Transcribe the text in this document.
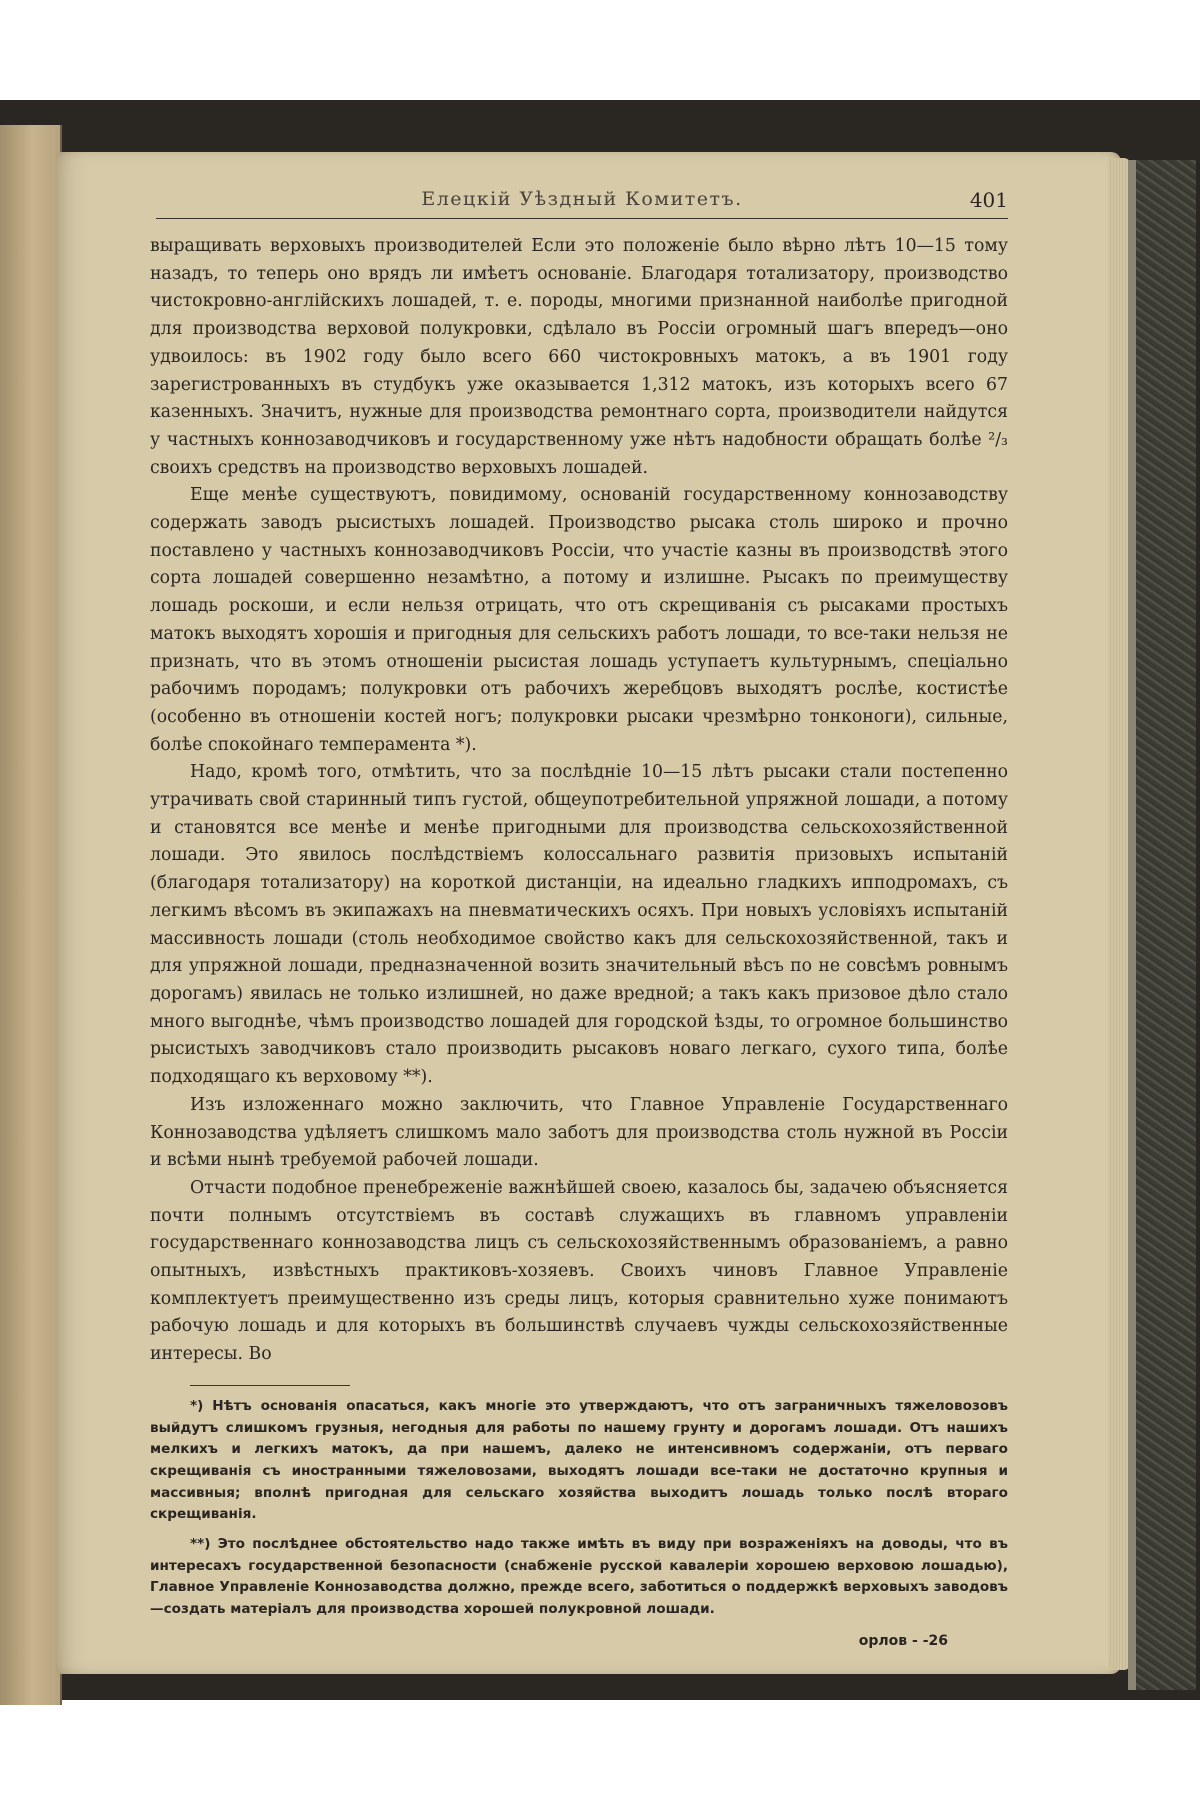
Елецкiй Уѣздный Комитетъ.	401

выращивать верховыхъ производителей Если это положенiе было вѣрно лѣтъ 10—15 тому назадъ, то теперь оно врядъ ли имѣетъ основанiе. Благодаря тотализатору, производство чистокровно-англiйскихъ лошадей, т. е. породы, многими признанной наиболѣе пригодной для производства верховой полукровки, сдѣлало въ Россiи огромный шагъ впередъ—оно удвоилось: въ 1902 году было всего 660 чистокровныхъ матокъ, а въ 1901 году зарегистрованныхъ въ студбукъ уже оказывается 1,312 матокъ, изъ которыхъ всего 67 казенныхъ. Значитъ, нужные для производства ремонтнаго сорта, производители найдутся у частныхъ коннозаводчиковъ и государственному уже нѣтъ надобности обращать болѣе ²/₃ своихъ средствъ на производство верховыхъ лошадей.

Еще менѣе существуютъ, повидимому, основанiй государственному коннозаводству содержать заводъ рысистыхъ лошадей. Производство рысака столь широко и прочно поставлено у частныхъ коннозаводчиковъ Россiи, что участiе казны въ производствѣ этого сорта лошадей совершенно незамѣтно, а потому и излишне. Рысакъ по преимуществу лошадь роскоши, и если нельзя отрицать, что отъ скрещиванiя съ рысаками простыхъ матокъ выходятъ хорошiя и пригодныя для сельскихъ работъ лошади, то все-таки нельзя не признать, что въ этомъ отношенiи рысистая лошадь уступаетъ культурнымъ, спецiально рабочимъ породамъ; полукровки отъ рабочихъ жеребцовъ выходятъ рослѣе, костистѣе (особенно въ отношенiи костей ногъ; полукровки рысаки чрезмѣрно тонконоги), сильные, болѣе спокойнаго темперамента *).

Надо, кромѣ того, отмѣтить, что за послѣднiе 10—15 лѣтъ рысаки стали постепенно утрачивать свой старинный типъ густой, общеупотребительной упряжной лошади, а потому и становятся все менѣе и менѣе пригодными для производства сельскохозяйственной лошади. Это явилось послѣдствiемъ колоссальнаго развитiя призовыхъ испытанiй (благодаря тотализатору) на короткой дистанцiи, на идеально гладкихъ ипподромахъ, съ легкимъ вѣсомъ въ экипажахъ на пневматическихъ осяхъ. При новыхъ условiяхъ испытанiй массивность лошади (столь необходимое свойство какъ для сельскохозяйственной, такъ и для упряжной лошади, предназначенной возить значительный вѣсъ по не совсѣмъ ровнымъ дорогамъ) явилась не только излишней, но даже вредной; а такъ какъ призовое дѣло стало много выгоднѣе, чѣмъ производство лошадей для городской ѣзды, то огромное большинство рысистыхъ заводчиковъ стало производить рысаковъ новаго легкаго, сухого типа, болѣе подходящаго къ верховому **).

Изъ изложеннаго можно заключить, что Главное Управленiе Государственнаго Коннозаводства удѣляетъ слишкомъ мало заботъ для производства столь нужной въ Россiи и всѣми нынѣ требуемой рабочей лошади.

Отчасти подобное пренебреженiе важнѣйшей своею, казалось бы, задачею объясняется почти полнымъ отсутствiемъ въ составѣ служащихъ въ главномъ управленiи государственнаго коннозаводства лицъ съ сельскохозяйственнымъ образованiемъ, а равно опытныхъ, извѣстныхъ практиковъ-хозяевъ. Своихъ чиновъ Главное Управленiе комплектуетъ преимущественно изъ среды лицъ, которыя сравнительно хуже понимаютъ рабочую лошадь и для которыхъ въ большинствѣ случаевъ чужды сельскохозяйственные интересы. Во

*) Нѣтъ основанiя опасаться, какъ многiе это утверждаютъ, что отъ заграничныхъ тяжеловозовъ выйдутъ слишкомъ грузныя, негодныя для работы по нашему грунту и дорогамъ лошади. Отъ нашихъ мелкихъ и легкихъ матокъ, да при нашемъ, далеко не интенсивномъ содержанiи, отъ перваго скрещиванiя съ иностранными тяжеловозами, выходятъ лошади все-таки не достаточно крупныя и массивныя; вполнѣ пригодная для сельскаго хозяйства выходитъ лошадь только послѣ втораго скрещиванiя.

**) Это послѣднее обстоятельство надо также имѣть въ виду при возраженiяхъ на доводы, что въ интересахъ государственной безопасности (снабженiе русской кавалерiи хорошею верховою лошадью), Главное Управленiе Коннозаводства должно, прежде всего, заботиться о поддержкѣ верховыхъ заводовъ—создать матерiалъ для производства хорошей полукровной лошади.

орлов - -26
